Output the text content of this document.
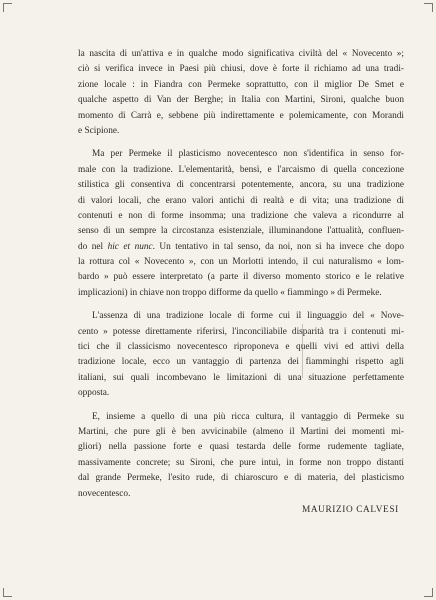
la nascita di un'attiva e in qualche modo significativa civiltà del « Novecento »;
ciò si verifica invece in Paesi più chiusi, dove è forte il richiamo ad una tradi-
zione locale : in Fiandra con Permeke soprattutto, con il miglior De Smet e
qualche aspetto di Van der Berghe; in Italia con Martini, Sironi, qualche buon
momento di Carrà e, sebbene più indirettamente e polemicamente, con Morandi
e Scipione.
Ma per Permeke il plasticismo novecentesco non s'identifica in senso for-
male con la tradizione. L'elementarità, bensì, e l'arcaismo di quella concezione
stilistica gli consentiva di concentrarsi potentemente, ancora, su una tradizione
di valori locali, che erano valori antichi di realtà e di vita; una tradizione di
contenuti e non di forme insomma; una tradizione che valeva a ricondurre al
senso di un sempre la circostanza esistenziale, illuminandone l'attualità, confluen-
do nel hic et nunc. Un tentativo in tal senso, da noi, non si ha invece che dopo
la rottura col « Novecento », con un Morlotti intendo, il cui naturalismo « lom-
bardo » può essere interpretato (a parte il diverso momento storico e le relative
implicazioni) in chiave non troppo difforme da quello « fiammingo » di Permeke.
L'assenza di una tradizione locale di forme cui il linguaggio del « Nove-
cento » potesse direttamente riferirsi, l'inconciliabile disparità tra i contenuti mi-
tici che il classicismo novecentesco riproponeva e quelli vivi ed attivi della
tradizione locale, ecco un vantaggio di partenza dei fiamminghi rispetto agli
italiani, sui quali incombevano le limitazioni di una situazione perfettamente
opposta.
E, insieme a quello di una più ricca cultura, il vantaggio di Permeke su
Martini, che pure gli è ben avvicinabile (almeno il Martini dei momenti mi-
gliori) nella passione forte e quasi testarda delle forme rudemente tagliate,
massivamente concrete; su Sironi, che pure intuì, in forme non troppo distanti
dal grande Permeke, l'esito rude, di chiaroscuro e di materia, del plasticismo
novecentesco.
MAURIZIO CALVESI
